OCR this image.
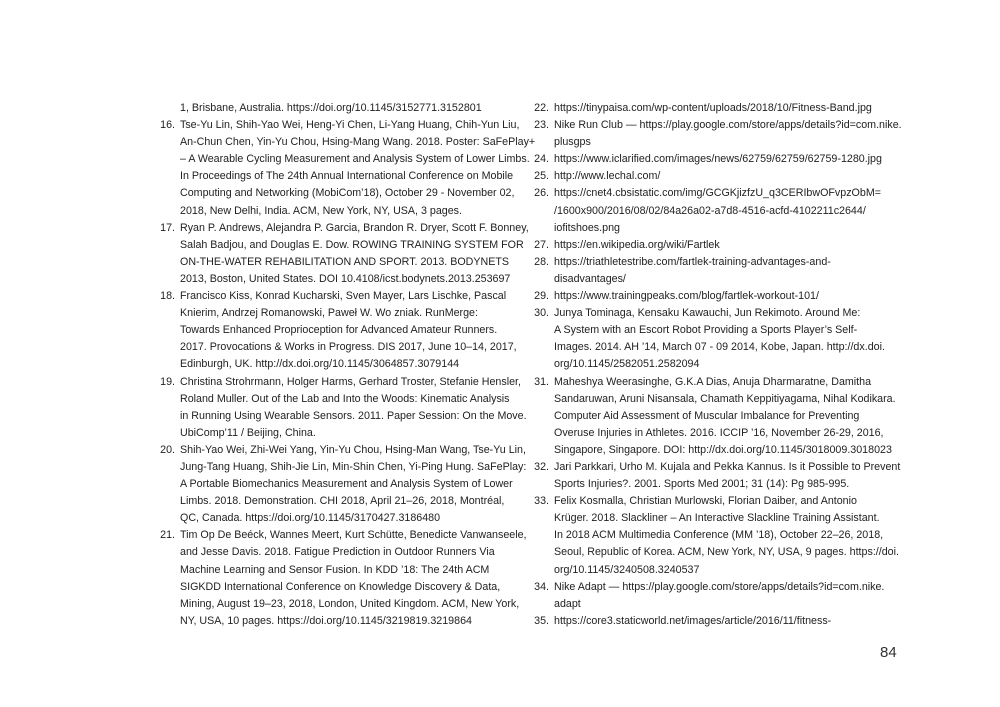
1, Brisbane, Australia. https://doi.org/10.1145/3152771.3152801
16. Tse-Yu Lin, Shih-Yao Wei, Heng-Yi Chen, Li-Yang Huang, Chih-Yun Liu,
An-Chun Chen, Yin-Yu Chou, Hsing-Mang Wang. 2018. Poster: SaFePlay+
– A Wearable Cycling Measurement and Analysis System of Lower Limbs.
In Proceedings of The 24th Annual International Conference on Mobile
Computing and Networking (MobiCom’18), October 29 - November 02,
2018, New Delhi, India. ACM, New York, NY, USA, 3 pages.
17. Ryan P. Andrews, Alejandra P. Garcia, Brandon R. Dryer, Scott F. Bonney,
Salah Badjou, and Douglas E. Dow. ROWING TRAINING SYSTEM FOR
ON-THE-WATER REHABILITATION AND SPORT. 2013. BODYNETS
2013, Boston, United States. DOI 10.4108/icst.bodynets.2013.253697
18. Francisco Kiss, Konrad Kucharski, Sven Mayer, Lars Lischke, Pascal
Knierim, Andrzej Romanowski, Paweł W. Wo zniak. RunMerge:
Towards Enhanced Proprioception for Advanced Amateur Runners.
2017. Provocations & Works in Progress. DIS 2017, June 10–14, 2017,
Edinburgh, UK. http://dx.doi.org/10.1145/3064857.3079144
19. Christina Strohrmann, Holger Harms, Gerhard Troster, Stefanie Hensler,
Roland Muller. Out of the Lab and Into the Woods: Kinematic Analysis
in Running Using Wearable Sensors. 2011. Paper Session: On the Move.
UbiComp’11 / Beijing, China.
20. Shih-Yao Wei, Zhi-Wei Yang, Yin-Yu Chou, Hsing-Man Wang, Tse-Yu Lin,
Jung-Tang Huang, Shih-Jie Lin, Min-Shin Chen, Yi-Ping Hung. SaFePlay:
A Portable Biomechanics Measurement and Analysis System of Lower
Limbs. 2018. Demonstration. CHI 2018, April 21–26, 2018, Montréal,
QC, Canada. https://doi.org/10.1145/3170427.3186480
21. Tim Op De Beéck, Wannes Meert, Kurt Schütte, Benedicte Vanwanseele,
and Jesse Davis. 2018. Fatigue Prediction in Outdoor Runners Via
Machine Learning and Sensor Fusion. In KDD ’18: The 24th ACM
SIGKDD International Conference on Knowledge Discovery & Data,
Mining, August 19–23, 2018, London, United Kingdom. ACM, New York,
NY, USA, 10 pages. https://doi.org/10.1145/3219819.3219864
22. https://tinypaisa.com/wp-content/uploads/2018/10/Fitness-Band.jpg
23. Nike Run Club — https://play.google.com/store/apps/details?id=com.nike.
plusgps
24. https://www.iclarified.com/images/news/62759/62759/62759-1280.jpg
25. http://www.lechal.com/
26. https://cnet4.cbsistatic.com/img/GCGKjizfzU_q3CERIbwOFvpzObM=
/1600x900/2016/08/02/84a26a02-a7d8-4516-acfd-4102211c2644/
iofitshoes.png
27. https://en.wikipedia.org/wiki/Fartlek
28. https://triathletestribe.com/fartlek-training-advantages-and-
disadvantages/
29. https://www.trainingpeaks.com/blog/fartlek-workout-101/
30. Junya Tominaga, Kensaku Kawauchi, Jun Rekimoto. Around Me:
A System with an Escort Robot Providing a Sports Player’s Self-
Images. 2014. AH ’14, March 07 - 09 2014, Kobe, Japan. http://dx.doi.
org/10.1145/2582051.2582094
31. Maheshya Weerasinghe, G.K.A Dias, Anuja Dharmaratne, Damitha
Sandaruwan, Aruni Nisansala, Chamath Keppitiyagama, Nihal Kodikara.
Computer Aid Assessment of Muscular Imbalance for Preventing
Overuse Injuries in Athletes. 2016. ICCIP ’16, November 26-29, 2016,
Singapore, Singapore. DOI: http://dx.doi.org/10.1145/3018009.3018023
32. Jari Parkkari, Urho M. Kujala and Pekka Kannus. Is it Possible to Prevent
Sports Injuries?. 2001. Sports Med 2001; 31 (14): Pg 985-995.
33. Felix Kosmalla, Christian Murlowski, Florian Daiber, and Antonio
Krüger. 2018. Slackliner – An Interactive Slackline Training Assistant.
In 2018 ACM Multimedia Conference (MM ’18), October 22–26, 2018,
Seoul, Republic of Korea. ACM, New York, NY, USA, 9 pages. https://doi.
org/10.1145/3240508.3240537
34. Nike Adapt — https://play.google.com/store/apps/details?id=com.nike.
adapt
35. https://core3.staticworld.net/images/article/2016/11/fitness-
84
